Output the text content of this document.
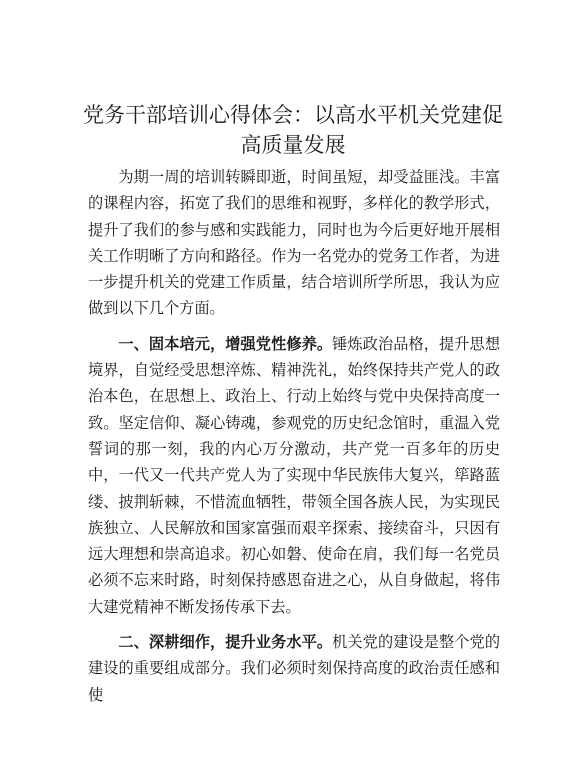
党务干部培训心得体会：以高水平机关党建促
高质量发展

为期一周的培训转瞬即逝，时间虽短，却受益匪浅。丰富的课程内容，拓宽了我们的思维和视野，多样化的教学形式，提升了我们的参与感和实践能力，同时也为今后更好地开展相关工作明晰了方向和路径。作为一名党办的党务工作者，为进一步提升机关的党建工作质量，结合培训所学所思，我认为应做到以下几个方面。

一、固本培元，增强党性修养。锤炼政治品格，提升思想境界，自觉经受思想淬炼、精神洗礼，始终保持共产党人的政治本色，在思想上、政治上、行动上始终与党中央保持高度一致。坚定信仰、凝心铸魂，参观党的历史纪念馆时，重温入党誓词的那一刻，我的内心万分激动，共产党一百多年的历史中，一代又一代共产党人为了实现中华民族伟大复兴，筚路蓝缕、披荆斩棘，不惜流血牺牲，带领全国各族人民，为实现民族独立、人民解放和国家富强而艰辛探索、接续奋斗，只因有远大理想和崇高追求。初心如磐、使命在肩，我们每一名党员必须不忘来时路，时刻保持感恩奋进之心，从自身做起，将伟大建党精神不断发扬传承下去。

二、深耕细作，提升业务水平。机关党的建设是整个党的建设的重要组成部分。我们必须时刻保持高度的政治责任感和使
